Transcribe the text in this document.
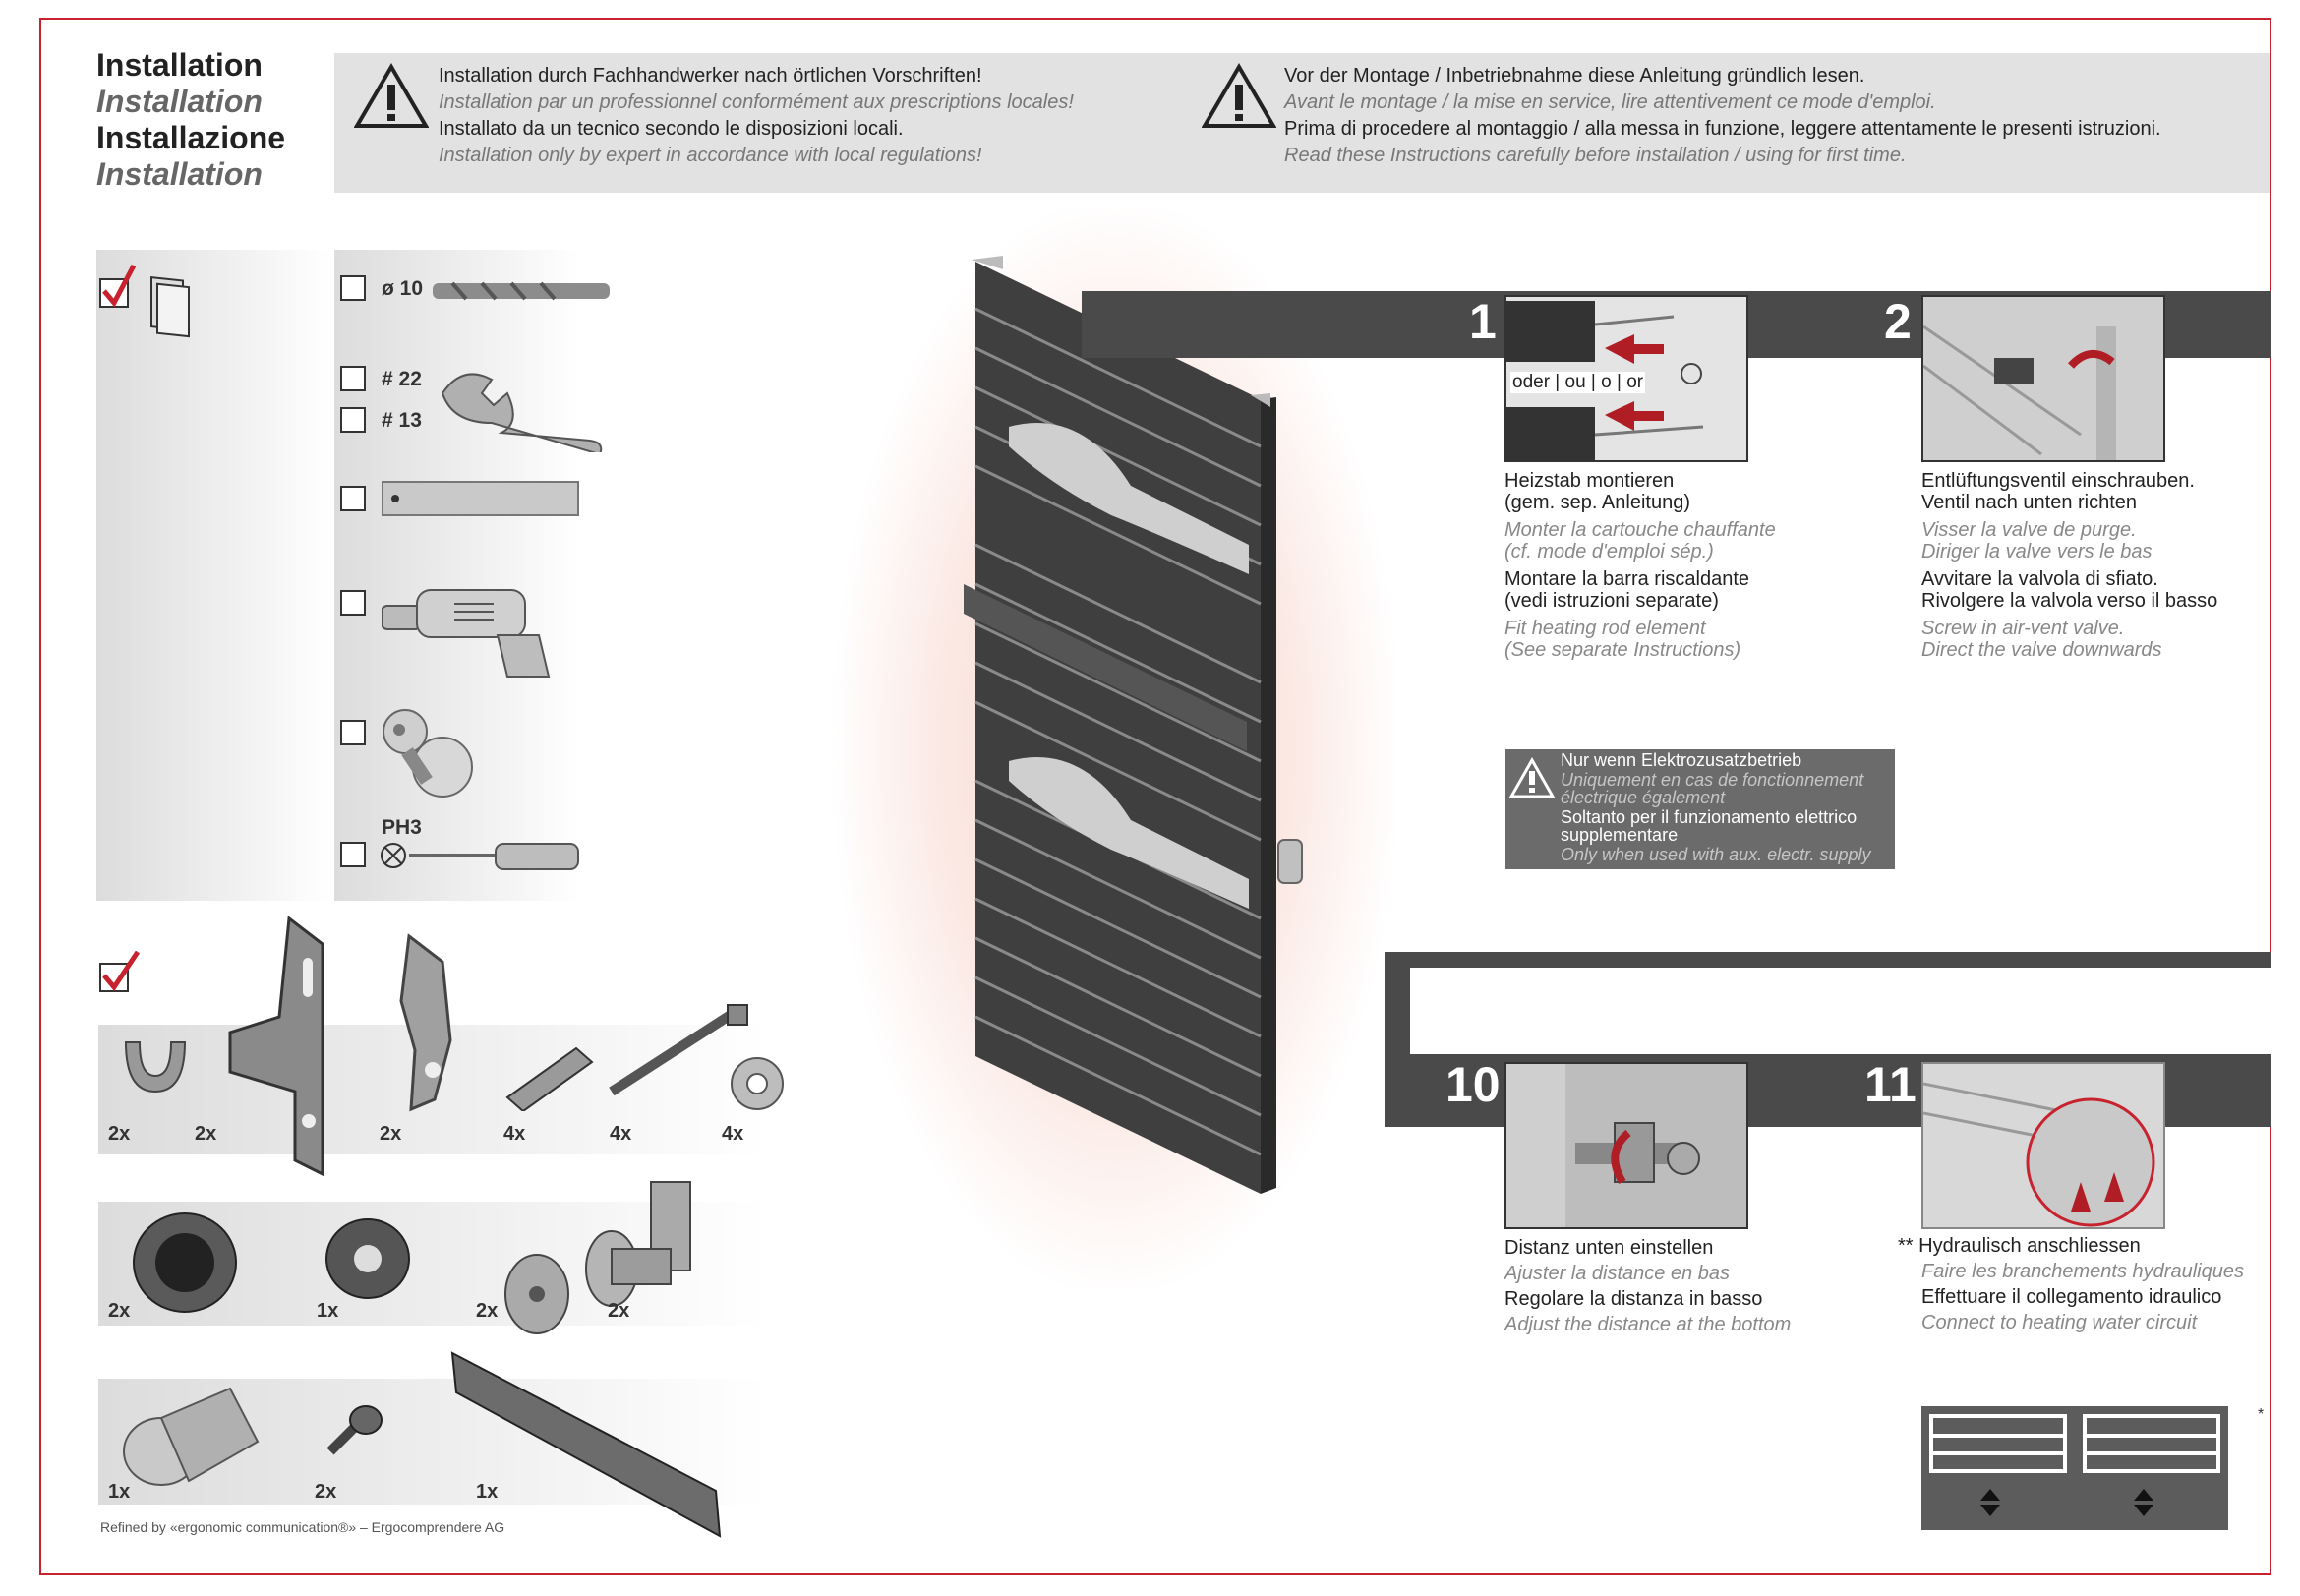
Installation
Installation
Installazione
Installation
Installation durch Fachhandwerker nach örtlichen Vorschriften!
Installation par un professionnel conformément aux prescriptions locales!
Installato da un tecnico secondo le disposizioni locali.
Installation only by expert in accordance with local regulations!
Vor der Montage / Inbetriebnahme diese Anleitung gründlich lesen.
Avant le montage / la mise en service, lire attentivement ce mode d'emploi.
Prima di procedere al montaggio / alla messa in funzione, leggere attentamente le presenti istruzioni.
Read these Instructions carefully before installation / using for first time.
ø 10
# 22
# 13
PH3
2x	2x	2x	4x	4x	4x
2x	1x	2x	2x
1x	2x	1x
1	2
oder | ou | o | or

Heizstab montieren

(gem. sep. Anleitung)

Monter la cartouche chauffante

(cf. mode d'emploi sép.)

Montare la barra riscaldante

(vedi istruzioni separate)

Fit heating rod element

(See separate Instructions)

Entlüftungsventil einschrauben.

Ventil nach unten richten

Visser la valve de purge.

Diriger la valve vers le bas

Avvitare la valvola di sfiato.

Rivolgere la valvola verso il basso

Screw in air-vent valve.

Direct the valve downwards

Nur wenn Elektrozusatzbetrieb
Uniquement en cas de fonctionnement
électrique également
Soltanto per il funzionamento elettrico
supplementare
Only when used with aux. electr. supply
10	11

Distanz unten einstellen

Ajuster la distance en bas

Regolare la distanza in basso

Adjust the distance at the bottom

** Hydraulisch anschliessen

Faire les branchements hydrauliques

Effettuare il collegamento idraulico

Connect to heating water circuit

*
Refined by «ergonomic communication®» – Ergocomprendere AG
